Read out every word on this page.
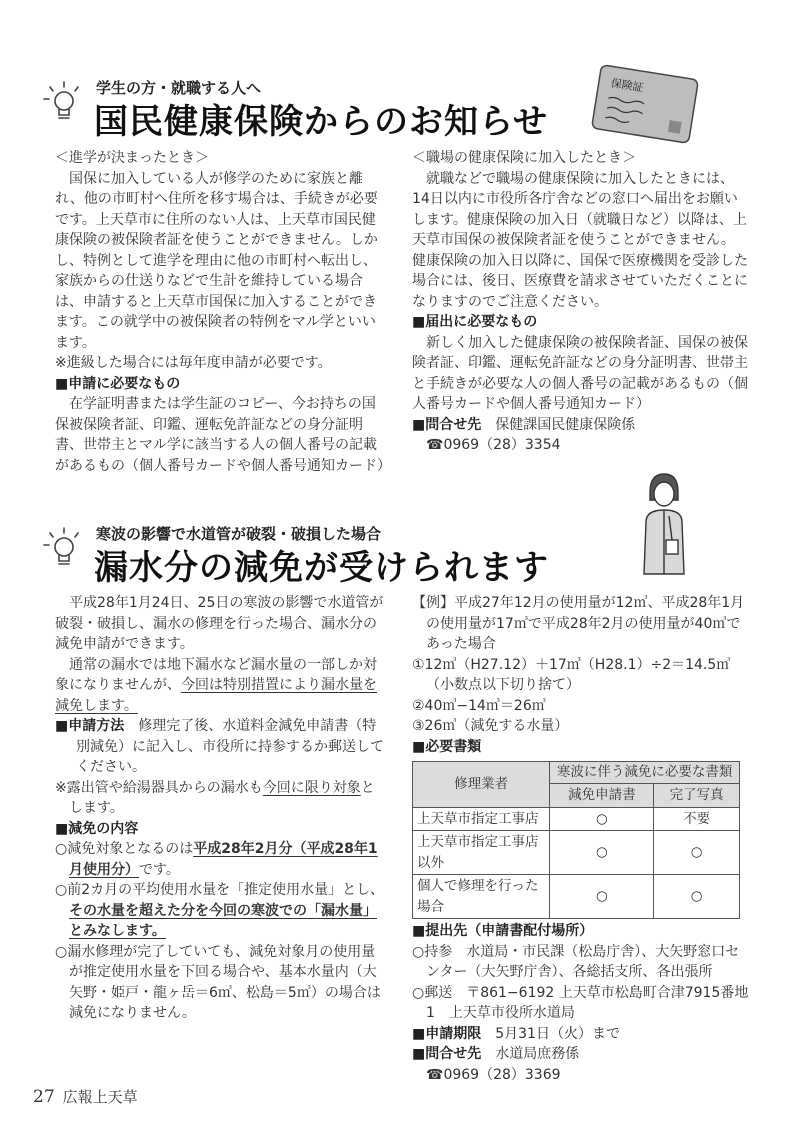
学生の方・就職する人へ
国民健康保険からのお知らせ
保険証

＜進学が決まったとき＞

国保に加入している人が修学のために家族と離れ、他の市町村へ住所を移す場合は、手続きが必要です。上天草市に住所のない人は、上天草市国民健康保険の被保険者証を使うことができません。しかし、特例として進学を理由に他の市町村へ転出し、家族からの仕送りなどで生計を維持している場合は、申請すると上天草市国保に加入することができます。この就学中の被保険者の特例をマル学といいます。

※進級した場合には毎年度申請が必要です。

■申請に必要なもの

在学証明書または学生証のコピー、今お持ちの国保被保険者証、印鑑、運転免許証などの身分証明書、世帯主とマル学に該当する人の個人番号の記載があるもの（個人番号カードや個人番号通知カード）

＜職場の健康保険に加入したとき＞

就職などで職場の健康保険に加入したときには、14日以内に市役所各庁舎などの窓口へ届出をお願いします。健康保険の加入日（就職日など）以降は、上天草市国保の被保険者証を使うことができません。

健康保険の加入日以降に、国保で医療機関を受診した場合には、後日、医療費を請求させていただくことになりますのでご注意ください。

■届出に必要なもの

新しく加入した健康保険の被保険者証、国保の被保険者証、印鑑、運転免許証などの身分証明書、世帯主と手続きが必要な人の個人番号の記載があるもの（個人番号カードや個人番号通知カード）

■問合せ先　 保健課国民健康保険係

☎0969（28）3354

寒波の影響で水道管が破裂・破損した場合
漏水分の減免が受けられます

平成28年1月24日、25日の寒波の影響で水道管が破裂・破損し、漏水の修理を行った場合、漏水分の減免申請ができます。

通常の漏水では地下漏水など漏水量の一部しか対象になりませんが、今回は特別措置により漏水量を減免します。

■申請方法　 修理完了後、水道料金減免申請書（特別減免）に記入し、市役所に持参するか郵送してください。

※露出管や給湯器具からの漏水も今回に限り対象とします。

■減免の内容

○減免対象となるのは平成28年2月分（平成28年1月使用分）です。

○前2カ月の平均使用水量を「推定使用水量」とし、その水量を超えた分を今回の寒波での「漏水量」とみなします。

○漏水修理が完了していても、減免対象月の使用量が推定使用水量を下回る場合や、基本水量内（大矢野・姫戸・龍ヶ岳＝6㎥、松島＝5㎥）の場合は減免になりません。

【例】平成27年12月の使用量が12㎥、平成28年1月の使用量が17㎥で平成28年2月の使用量が40㎥であった場合

①12㎥（H27.12）＋17㎥（H28.1）÷2＝14.5㎥

（小数点以下切り捨て）

②40㎥−14㎥＝26㎥

③26㎥（減免する水量）

■必要書類

修理業者	寒波に伴う減免に必要な書類	
	減免申請書	完了写真
上天草市指定工事店	○	不要
上天草市指定工事店以外	○	○
個人で修理を行った場合	○	○

■提出先（申請書配付場所）

○持参　水道局・市民課（松島庁舎）、大矢野窓口センター（大矢野庁舎）、各総括支所、各出張所

○郵送　〒861−6192 上天草市松島町合津7915番地1　上天草市役所水道局

■申請期限　 5月31日（火）まで

■問合せ先　 水道局庶務係

☎0969（28）3369

27 広報上天草
